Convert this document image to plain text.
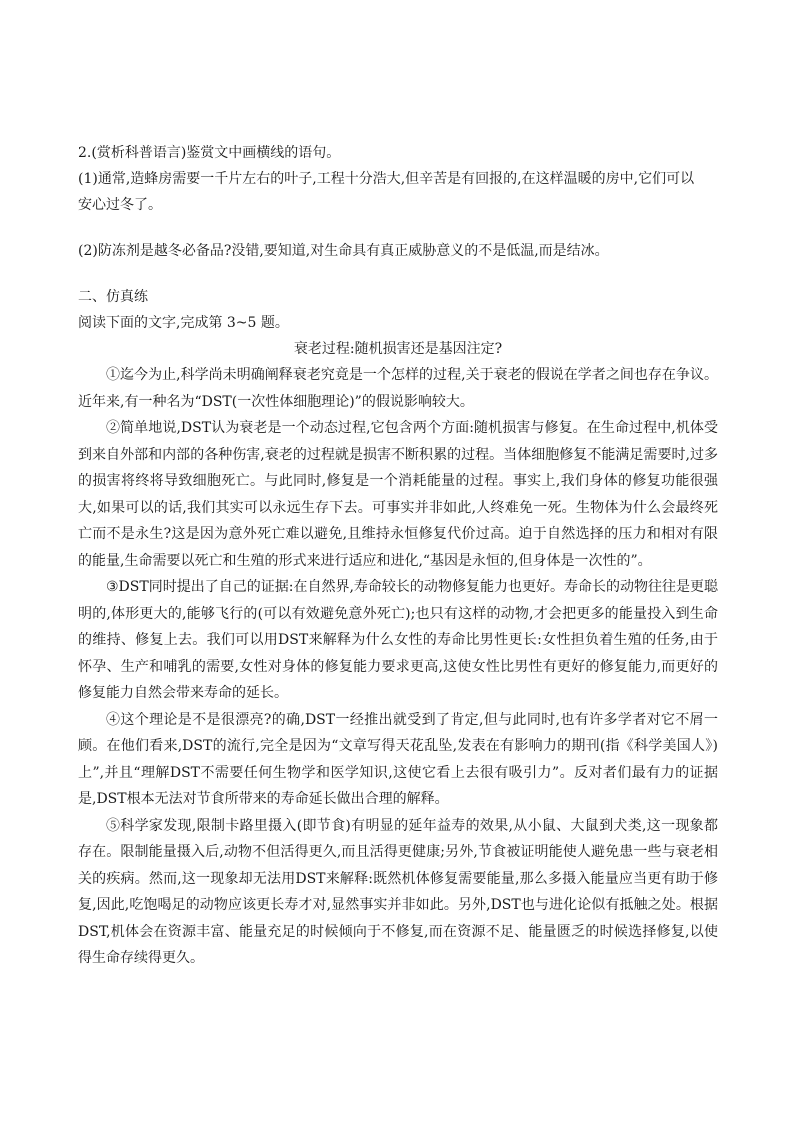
2.(赏析科普语言)鉴赏文中画横线的语句。

(1)通常,造蜂房需要一千片左右的叶子,工程十分浩大,但辛苦是有回报的,在这样温暖的房中,它们可以

安心过冬了。

(2)防冻剂是越冬必备品?没错,要知道,对生命具有真正威胁意义的不是低温,而是结冰。

二、仿真练

阅读下面的文字,完成第 3~5 题。

衰老过程:随机损害还是基因注定?

①迄今为止,科学尚未明确阐释衰老究竟是一个怎样的过程,关于衰老的假说在学者之间也存在争议。近年来,有一种名为“DST(一次性体细胞理论)”的假说影响较大。

②简单地说,DST认为衰老是一个动态过程,它包含两个方面:随机损害与修复。在生命过程中,机体受到来自外部和内部的各种伤害,衰老的过程就是损害不断积累的过程。当体细胞修复不能满足需要时,过多的损害将终将导致细胞死亡。与此同时,修复是一个消耗能量的过程。事实上,我们身体的修复功能很强大,如果可以的话,我们其实可以永远生存下去。可事实并非如此,人终难免一死。生物体为什么会最终死亡而不是永生?这是因为意外死亡难以避免,且维持永恒修复代价过高。迫于自然选择的压力和相对有限的能量,生命需要以死亡和生殖的形式来进行适应和进化,“基因是永恒的,但身体是一次性的”。

③DST同时提出了自己的证据:在自然界,寿命较长的动物修复能力也更好。寿命长的动物往往是更聪明的,体形更大的,能够飞行的(可以有效避免意外死亡);也只有这样的动物,才会把更多的能量投入到生命的维持、修复上去。我们可以用DST来解释为什么女性的寿命比男性更长:女性担负着生殖的任务,由于怀孕、生产和哺乳的需要,女性对身体的修复能力要求更高,这使女性比男性有更好的修复能力,而更好的修复能力自然会带来寿命的延长。

④这个理论是不是很漂亮?的确,DST一经推出就受到了肯定,但与此同时,也有许多学者对它不屑一顾。在他们看来,DST的流行,完全是因为“文章写得天花乱坠,发表在有影响力的期刊(指《科学美国人》)上”,并且“理解DST不需要任何生物学和医学知识,这使它看上去很有吸引力”。反对者们最有力的证据是,DST根本无法对节食所带来的寿命延长做出合理的解释。

⑤科学家发现,限制卡路里摄入(即节食)有明显的延年益寿的效果,从小鼠、大鼠到犬类,这一现象都存在。限制能量摄入后,动物不但活得更久,而且活得更健康;另外,节食被证明能使人避免患一些与衰老相关的疾病。然而,这一现象却无法用DST来解释:既然机体修复需要能量,那么多摄入能量应当更有助于修复,因此,吃饱喝足的动物应该更长寿才对,显然事实并非如此。另外,DST也与进化论似有抵触之处。根据DST,机体会在资源丰富、能量充足的时候倾向于不修复,而在资源不足、能量匮乏的时候选择修复,以使得生命存续得更久。
